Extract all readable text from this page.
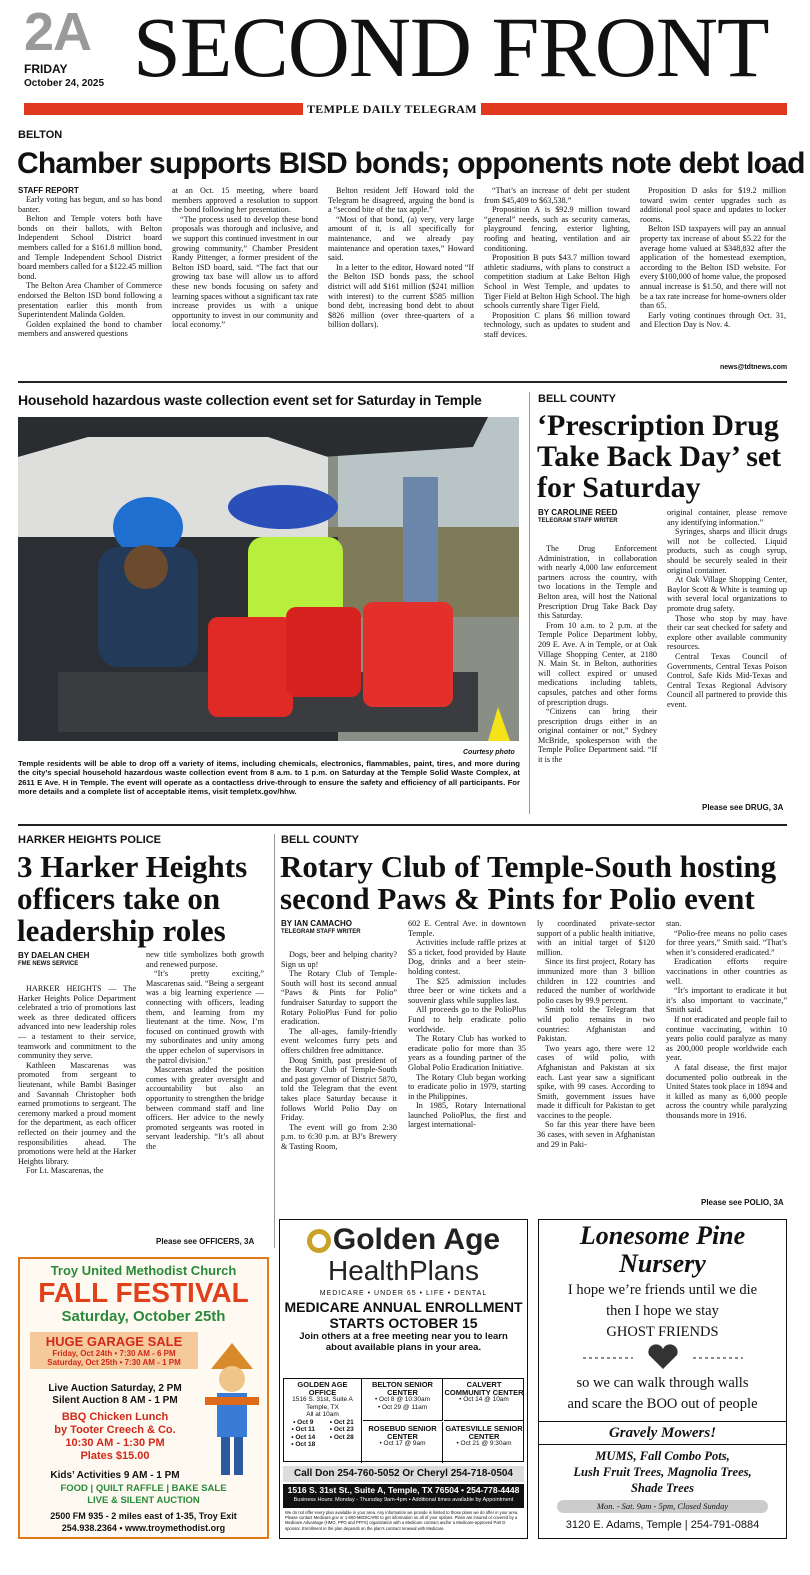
2A
FRIDAY
October 24, 2025 SECOND FRONT
TEMPLE DAILY TELEGRAM
BELTON
Chamber supports BISD bonds; opponents note debt load
STAFF REPORT

Early voting has begun, and so has bond banter.

Belton and Temple voters both have bonds on their ballots, with Belton Independent School District board members called for a $161.8 million bond, and Temple Independent School District board members called for a $122.45 million bond.

The Belton Area Chamber of Commerce endorsed the Belton ISD bond following a presentation earlier this month from Superintendent Malinda Golden.

Golden explained the bond to chamber members and answered questions

at an Oct. 15 meeting, where board members approved a resolution to support the bond following her presentation.

“The process used to develop these bond proposals was thorough and inclusive, and we support this continued investment in our growing community,” Chamber President Randy Pittenger, a former president of the Belton ISD board, said. “The fact that our growing tax base will allow us to afford these new bonds focusing on safety and learning spaces without a significant tax rate increase provides us with a unique opportunity to invest in our community and local economy.”

Belton resident Jeff Howard told the Telegram he disagreed, arguing the bond is a “second bite of the tax apple.”

“Most of that bond, (a) very, very large amount of it, is all specifically for maintenance, and we already pay maintenance and operation taxes,” Howard said.

In a letter to the editor, Howard noted “If the Belton ISD bonds pass, the school district will add $161 million ($241 million with interest) to the current $585 million bond debt, increasing bond debt to about $826 million (over three-quarters of a billion dollars).

“That’s an increase of debt per student from $45,409 to $63,538.”

Proposition A is $92.9 million toward “general” needs, such as security cameras, playground fencing, exterior lighting, roofing and heating, ventilation and air conditioning.

Proposition B puts $43.7 million toward athletic stadiums, with plans to construct a competition stadium at Lake Belton High School in West Temple, and updates to Tiger Field at Belton High School. The high schools currently share Tiger Field.

Proposition C plans $6 million toward technology, such as updates to student and staff devices.

Proposition D asks for $19.2 million toward swim center upgrades such as additional pool space and updates to locker rooms.

Belton ISD taxpayers will pay an annual property tax increase of about $5.22 for the average home valued at $348,832 after the application of the homestead exemption, according to the Belton ISD website. For every $100,000 of home value, the proposed annual increase is $1.50, and there will not be a tax rate increase for home-owners older than 65.

Early voting continues through Oct. 31, and Election Day is Nov. 4.

news@tdtnews.com
Household hazardous waste collection event set for Saturday in Temple
Courtesy photo
Temple residents will be able to drop off a variety of items, including chemicals, electronics, flammables, paint, tires, and more during the city’s special household hazardous waste collection event from 8 a.m. to 1 p.m. on Saturday at the Temple Solid Waste Complex, at 2611 E Ave. H in Temple. The event will operate as a contactless drive-through to ensure the safety and efficiency of all participants. For more details and a complete list of acceptable items, visit templetx.gov/hhw.
BELL COUNTY
‘Prescription Drug Take Back Day’ set for Saturday
BY CAROLINE REED
TELEGRAM STAFF WRITER

The Drug Enforcement Administration, in collaboration with nearly 4,000 law enforcement partners across the country, with two locations in the Temple and Belton area, will host the National Prescription Drug Take Back Day this Saturday.

From 10 a.m. to 2 p.m. at the Temple Police Department lobby, 209 E. Ave. A in Temple, or at Oak Village Shopping Center, at 2180 N. Main St. in Belton, authorities will collect expired or unused medications including tablets, capsules, patches and other forms of prescription drugs.

“Citizens can bring their prescription drugs either in an original container or not,” Sydney McBride, spokesperson with the Temple Police Department said. “If it is the

original container, please remove any identifying information.”

Syringes, sharps and illicit drugs will not be collected. Liquid products, such as cough syrup, should be securely sealed in their original container.

At Oak Village Shopping Center, Baylor Scott & White is teaming up with several local organizations to promote drug safety.

Those who stop by may have their car seat checked for safety and explore other available community resources.

Central Texas Council of Governments, Central Texas Poison Control, Safe Kids Mid-Texas and Central Texas Regional Advisory Council all partnered to provide this event.

Please see DRUG, 3A
HARKER HEIGHTS POLICE
3 Harker Heights officers take on leadership roles
BY DAELAN CHEH
FME NEWS SERVICE

HARKER HEIGHTS — The Harker Heights Police Department celebrated a trio of promotions last week as three dedicated officers advanced into new leadership roles — a testament to their service, teamwork and commitment to the community they serve.

Kathleen Mascarenas was promoted from sergeant to lieutenant, while Bambi Basinger and Savannah Christopher both earned promotions to sergeant. The ceremony marked a proud moment for the department, as each officer reflected on their journey and the responsibilities ahead. The promotions were held at the Harker Heights library.

For Lt. Mascarenas, the

new title symbolizes both growth and renewed purpose.

“It’s pretty exciting,” Mascarenas said. “Being a sergeant was a big learning experience — connecting with officers, leading them, and learning from my lieutenant at the time. Now, I’m focused on continued growth with my subordinates and unity among the upper echelon of supervisors in the patrol division.”

Mascarenas added the position comes with greater oversight and accountability but also an opportunity to strengthen the bridge between command staff and line officers. Her advice to the newly promoted sergeants was rooted in servant leadership. “It’s all about the

Please see OFFICERS, 3A
BELL COUNTY
Rotary Club of Temple-South hosting second Paws & Pints for Polio event
BY IAN CAMACHO
TELEGRAM STAFF WRITER

Dogs, beer and helping charity? Sign us up!

The Rotary Club of Temple-South will host its second annual “Paws & Pints for Polio” fundraiser Saturday to support the Rotary PolioPlus Fund for polio eradication.

The all-ages, family-friendly event welcomes furry pets and offers children free admittance.

Doug Smith, past president of the Rotary Club of Temple-South and past governor of District 5870, told the Telegram that the event takes place Saturday because it follows World Polio Day on Friday.

The event will go from 2:30 p.m. to 6:30 p.m. at BJ’s Brewery & Tasting Room,

602 E. Central Ave. in downtown Temple.

Activities include raffle prizes at $5 a ticket, food provided by Haute Dog, drinks and a beer stein-holding contest.

The $25 admission includes three beer or wine tickets and a souvenir glass while supplies last.

All proceeds go to the PolioPlus Fund to help eradicate polio worldwide.

The Rotary Club has worked to eradicate polio for more than 35 years as a founding partner of the Global Polio Eradication Initiative.

The Rotary Club began working to eradicate polio in 1979, starting in the Philippines.

In 1985, Rotary International launched PolioPlus, the first and largest international-

ly coordinated private-sector support of a public health initiative, with an initial target of $120 million.

Since its first project, Rotary has immunized more than 3 billion children in 122 countries and reduced the number of worldwide polio cases by 99.9 percent.

Smith told the Telegram that wild polio remains in two countries: Afghanistan and Pakistan.

Two years ago, there were 12 cases of wild polio, with Afghanistan and Pakistan at six each. Last year saw a significant spike, with 99 cases. According to Smith, government issues have made it difficult for Pakistan to get vaccines to the people.

So far this year there have been 36 cases, with seven in Afghanistan and 29 in Paki-

stan.

“Polio-free means no polio cases for three years,” Smith said. “That’s when it’s considered eradicated.”

Eradication efforts require vaccinations in other countries as well.

“It’s important to eradicate it but it’s also important to vaccinate,” Smith said.

If not eradicated and people fail to continue vaccinating, within 10 years polio could paralyze as many as 200,000 people worldwide each year.

A fatal disease, the first major documented polio outbreak in the United States took place in 1894 and it killed as many as 6,000 people across the country while paralyzing thousands more in 1916.

Please see POLIO, 3A
Troy United Methodist Church
FALL FESTIVAL
Saturday, October 25th
HUGE GARAGE SALE
Friday, Oct 24th • 7:30 AM - 6 PM
Saturday, Oct 25th • 7:30 AM - 1 PM
Live Auction Saturday, 2 PM
Silent Auction 8 AM - 1 PM
BBQ Chicken Lunch
by Tooter Creech & Co.
10:30 AM - 1:30 PM
Plates $15.00
Kids’ Activities 9 AM - 1 PM
FOOD | QUILT RAFFLE | BAKE SALE
LIVE & SILENT AUCTION
2500 FM 935 - 2 miles east of 1-35, Troy Exit
254.938.2364 • www.troymethodist.org
Golden Age
HealthPlans
MEDICARE • UNDER 65 • LIFE • DENTAL
MEDICARE ANNUAL ENROLLMENT
STARTS OCTOBER 15
Join others at a free meeting near you to learn about available plans in your area.
GOLDEN AGE OFFICE
1516 S. 31st, Suite A Temple, TX
All at 10am
• Oct 9
• Oct 11
• Oct 14
• Oct 18
• Oct 21
• Oct 23
• Oct 28
BELTON SENIOR CENTER
• Oct 8 @ 10:30am
• Oct 29 @ 11am
CALVERT COMMUNITY CENTER
• Oct 14 @ 10am
ROSEBUD SENIOR CENTER
• Oct 17 @ 9am
GATESVILLE SENIOR CENTER
• Oct 21 @ 9:30am
Call Don 254-760-5052 Or Cheryl 254-718-0504
1516 S. 31st St., Suite A, Temple, TX 76504 • 254-778-4448
Business Hours: Monday - Thursday 9am-4pm • Additional times available by Appointment
We do not offer every plan available in your area. Any information we provide is limited to those plans we do offer in your area. Please contact Medicare.gov or 1-800-MEDICARE to get information on all of your options. Plans are insured or covered by a Medicare Advantage (HMO, PPO and PFFS) organization with a Medicare contract and/or a Medicare-approved Part D sponsor. Enrollment in the plan depends on the plan’s contract renewal with Medicare.
Lonesome Pine
Nursery
I hope we’re friends until we die
then I hope we stay
GHOST FRIENDS
so we can walk through walls
and scare the BOO out of people
Gravely Mowers!
MUMS, Fall Combo Pots,
Lush Fruit Trees, Magnolia Trees,
Shade Trees
Mon. - Sat. 9am - 5pm, Closed Sunday
3120 E. Adams, Temple | 254-791-0884
